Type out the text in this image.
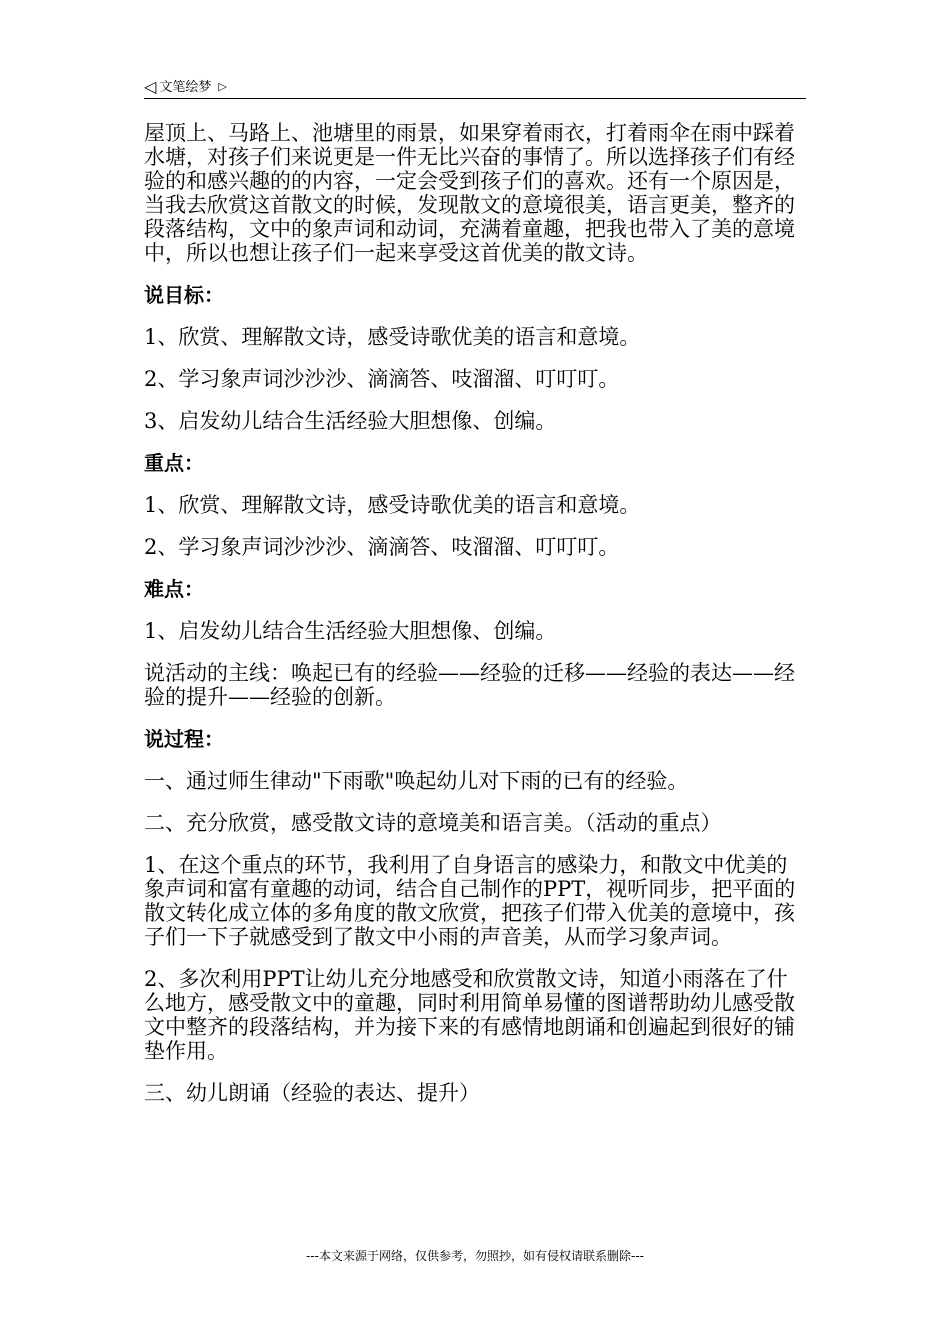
◁ 文笔绘梦 ▷

屋顶上、马路上、池塘里的雨景，如果穿着雨衣，打着雨伞在雨中踩着水塘，对孩子们来说更是一件无比兴奋的事情了。所以选择孩子们有经验的和感兴趣的的内容，一定会受到孩子们的喜欢。还有一个原因是，当我去欣赏这首散文的时候，发现散文的意境很美，语言更美，整齐的段落结构，文中的象声词和动词，充满着童趣，把我也带入了美的意境中，所以也想让孩子们一起来享受这首优美的散文诗。

说目标：

1、欣赏、理解散文诗，感受诗歌优美的语言和意境。

2、学习象声词沙沙沙、滴滴答、吱溜溜、叮叮叮。

3、启发幼儿结合生活经验大胆想像、创编。

重点：

1、欣赏、理解散文诗，感受诗歌优美的语言和意境。

2、学习象声词沙沙沙、滴滴答、吱溜溜、叮叮叮。

难点：

1、启发幼儿结合生活经验大胆想像、创编。

说活动的主线：唤起已有的经验——经验的迁移——经验的表达——经验的提升——经验的创新。

说过程：

一、通过师生律动"下雨歌"唤起幼儿对下雨的已有的经验。

二、充分欣赏，感受散文诗的意境美和语言美。（活动的重点）

1、在这个重点的环节，我利用了自身语言的感染力，和散文中优美的象声词和富有童趣的动词，结合自己制作的PPT，视听同步，把平面的散文转化成立体的多角度的散文欣赏，把孩子们带入优美的意境中，孩子们一下子就感受到了散文中小雨的声音美，从而学习象声词。

2、多次利用PPT让幼儿充分地感受和欣赏散文诗，知道小雨落在了什么地方，感受散文中的童趣，同时利用简单易懂的图谱帮助幼儿感受散文中整齐的段落结构，并为接下来的有感情地朗诵和创遍起到很好的铺垫作用。

三、幼儿朗诵（经验的表达、提升）

---本文来源于网络，仅供参考，勿照抄，如有侵权请联系删除---
